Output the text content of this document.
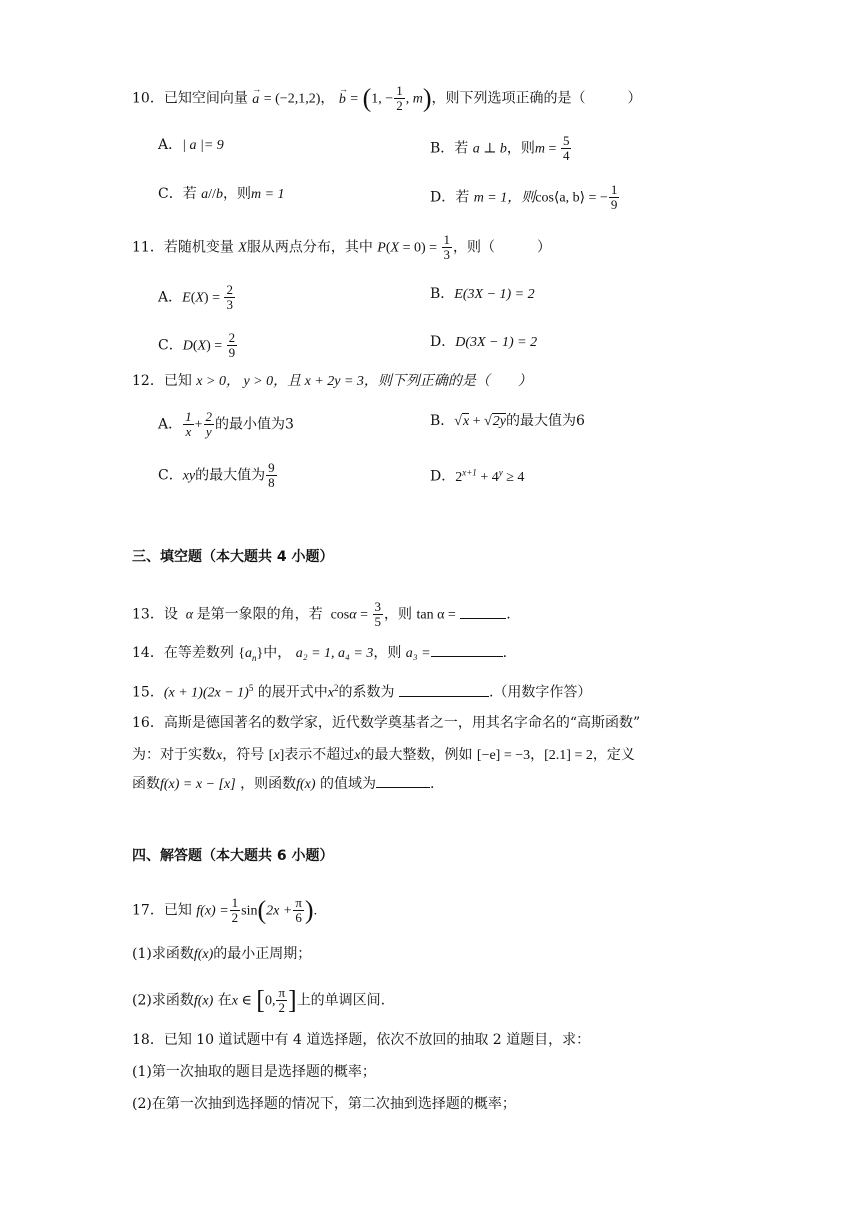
10．已知空间向量 → a = (−2,1,2)， → b = (1, − $\frac{1}{2}$ , m)，则下列选项正确的是（　　　）
A．| a |= 9	B．若 a ⊥ b，则$m = \frac{5}{4}$
C．若 a//b，则m = 1	D．若 m = 1，则cos⟨a, b⟩ = − $\frac{1}{9}$
11．若随机变量 X服从两点分布，其中 $P(X = 0) = \frac{1}{3}$ ，则（　　　）
A．$E(X) = \frac{2}{3}$	B．E(3X − 1) = 2
C．$D(X) = \frac{2}{9}$	D．D(3X − 1) = 2
12．已知 x > 0， y > 0，且 x + 2y = 3，则下列正确的是（　　）
A． $\frac{1}{x} + \frac{2}{y}$ 的最小值为3	B．√x + √2y的最大值为6
C．xy的最大值为 $\frac{9}{8}$	D．$2^{x+1} + 4^y \ge 4$
三、填空题（本大题共 4 小题）
13．设  α 是第一象限的角，若  $\cos\alpha = \frac{3}{5}$ ，则 tan α =	.
14．在等差数列 $\{a_n\}$中， a₂ = 1, a₄ = 3，则 a₃ =	.
15．$(x + 1)(2x - 1)^5$ 的展开式中$x^2$的系数为	.（用数字作答）
16．高斯是德国著名的数学家，近代数学奠基者之一，用其名字命名的“高斯函数”
为：对于实数x，符号 [x]表示不超过x的最大整数，例如 [−e] = −3，[2.1] = 2，定义
函数f(x) = x − [x] ，则函数f(x) 的值域为	.
四、解答题（本大题共 6 小题）
17．已知 $f(x) = \frac{1}{2} \sin(2x + \frac{\pi}{6}$ ).
(1)求函数f(x)的最小正周期；
(2)求函数f(x) 在x ∈ [0, $\frac{\pi}{2}$ ]上的单调区间.
18．已知 10 道试题中有 4 道选择题，依次不放回的抽取 2 道题目，求：
(1)第一次抽取的题目是选择题的概率；
(2)在第一次抽到选择题的情况下，第二次抽到选择题的概率；
